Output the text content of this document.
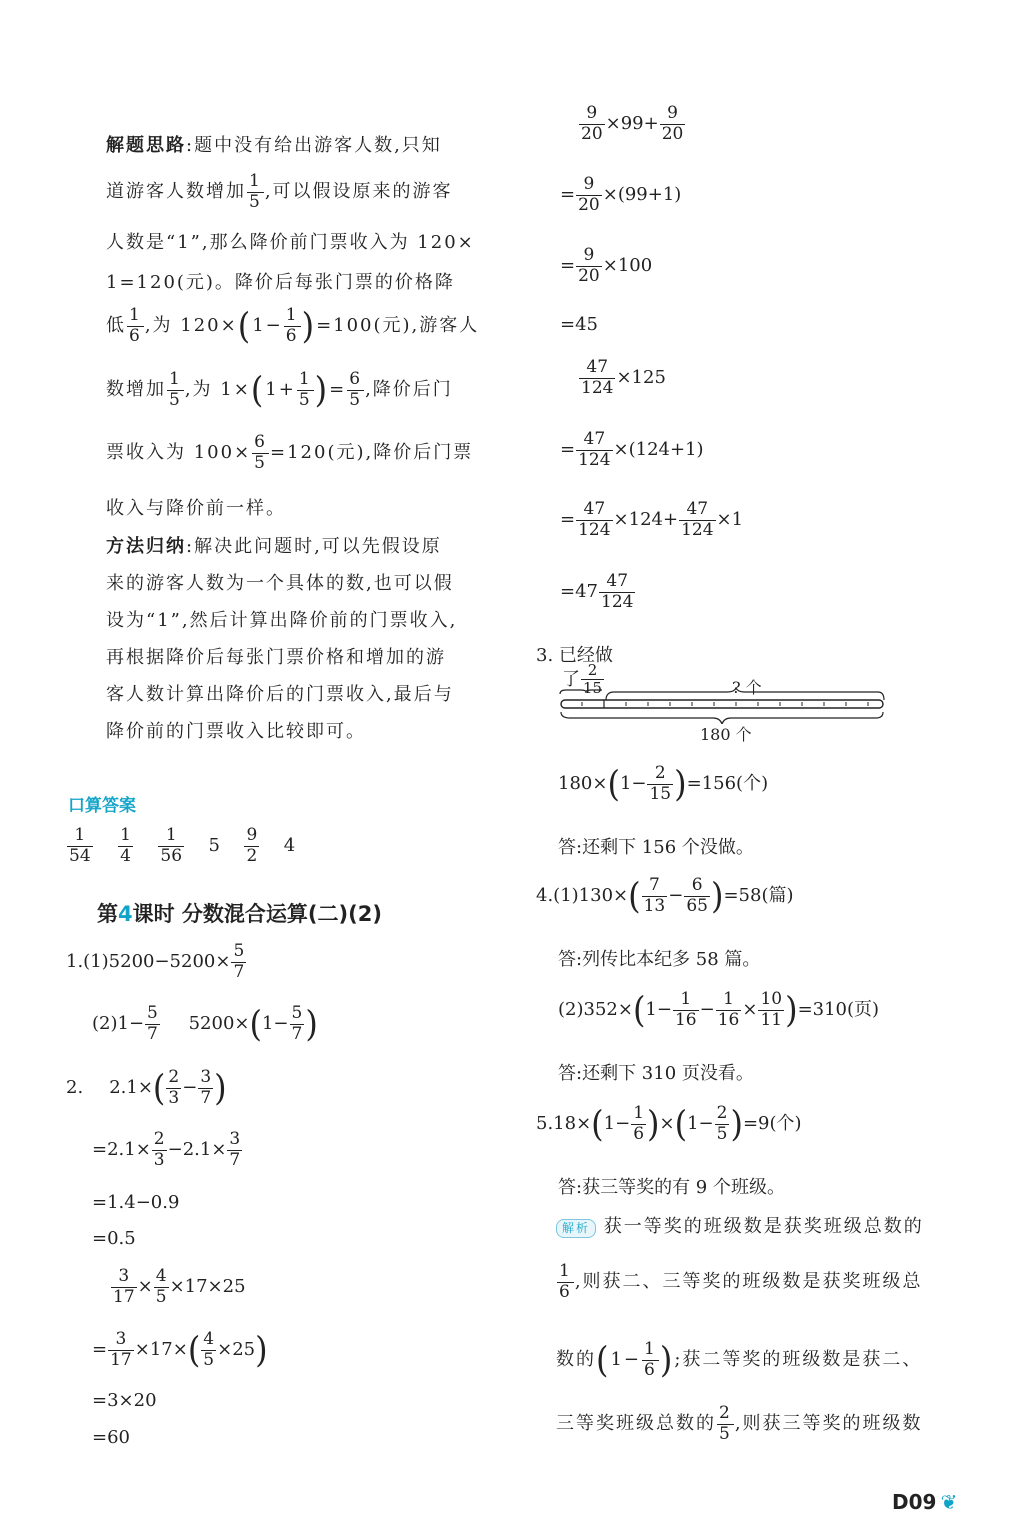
解题思路:题中没有给出游客人数,只知
道游客人数增加 $\frac{1}{5}$ ,可以假设原来的游客
人数是“1”,那么降价前门票收入为 120×
1=120(元)。降价后每张门票的价格降
低 $\frac{1}{6}$ ,为 $120\times(1- \frac{1}{6} )=100$(元),游客人
数增加 $\frac{1}{5}$ ,为 $1\times(1+ \frac{1}{5}$ )= $\frac{6}{5}$ ,降价后门
票收入为 $100\times \frac{6}{5} =120$(元),降价后门票
收入与降价前一样。
方法归纳:解决此问题时,可以先假设原
来的游客人数为一个具体的数,也可以假
设为“1”,然后计算出降价前的门票收入,
再根据降价后每张门票价格和增加的游
客人数计算出降价后的门票收入,最后与
降价前的门票收入比较即可。
口算答案
$\frac{1}{54}$
$\frac{1}{4}$
$\frac{1}{56} 5 \frac{9}{2} 4$
第4课时 分数混合运算(二)(2)
$1.(1)5200-5200\times \frac{5}{7}$
$(2)1- \frac{5}{7} 5200\times(1- \frac{5}{7}$ )
2. $2.1\times( \frac{2}{3} - \frac{3}{7}$ )
$=2.1\times \frac{2}{3} -2.1\times \frac{3}{7}$
=1.4−0.9
=0.5
$\frac{3}{17} \times \frac{4}{5} \times 17\times 25$
= $\frac{3}{17} \times 17\times( \frac{4}{5} \times 25)$
=3×20
=60
$\frac{9}{20} \times 99+ \frac{9}{20}$
= $\frac{9}{20} \times(99+1)$
= $\frac{9}{20} \times 100$
=45
$\frac{47}{124} \times 125$
= $\frac{47}{124} \times(124+1)$
= $\frac{47}{124} \times 124+ \frac{47}{124} \times 1$
$=47 \frac{47}{124}$
3. 已经做
了 $\frac{2}{15}$	? 个
180 个
$180\times(1- \frac{2}{15} )=156$(个)
答:还剩下 156 个没做。
$4.(1)130\times( \frac{7}{13} - \frac{6}{65} )=58$(篇)
答:列传比本纪多 58 篇。
$(2)352\times(1- \frac{1}{16} - \frac{1}{16} \times \frac{10}{11} )=310$(页)
答:还剩下 310 页没看。
$5.18\times(1- \frac{1}{6} )\times(1- \frac{2}{5} )=9$(个)
答:获三等奖的有 9 个班级。
解析 获一等奖的班级数是获奖班级总数的
$\frac{1}{6}$ ,则获二、三等奖的班级数是获奖班级总
数的($1- \frac{1}{6}$ );获二等奖的班级数是获二、
三等奖班级总数的 $\frac{2}{5}$ ,则获三等奖的班级数
D09 ❦
